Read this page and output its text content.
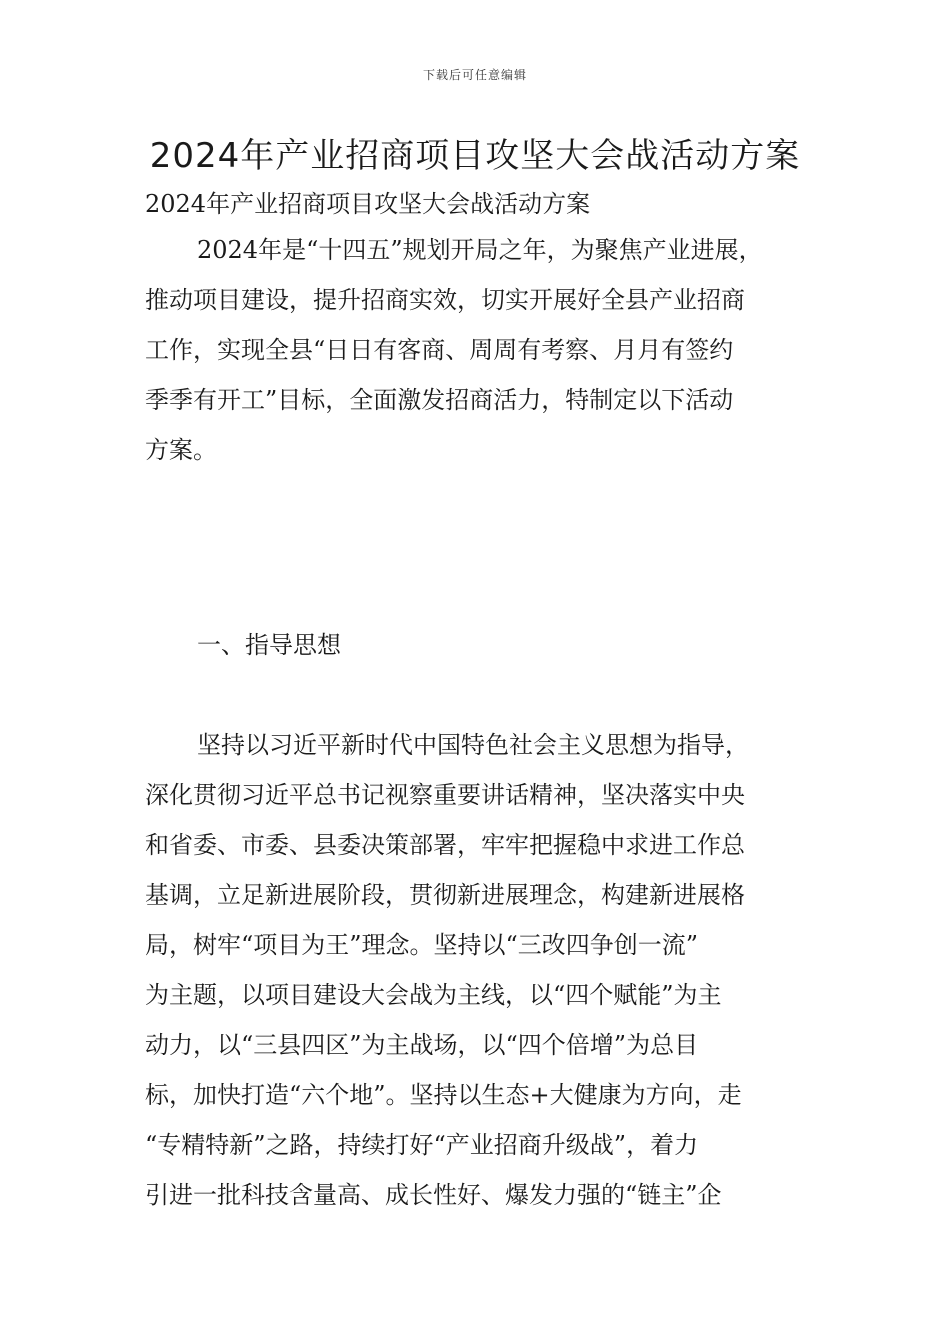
下载后可任意编辑
2024年产业招商项目攻坚大会战活动方案

2024年产业招商项目攻坚大会战活动方案

2024年是“十四五”规划开局之年，为聚焦产业进展，
推动项目建设，提升招商实效，切实开展好全县产业招商
工作，实现全县“日日有客商、周周有考察、月月有签约
季季有开工”目标，全面激发招商活力，特制定以下活动
方案。
一、指导思想
坚持以习近平新时代中国特色社会主义思想为指导，
深化贯彻习近平总书记视察重要讲话精神，坚决落实中央
和省委、市委、县委决策部署，牢牢把握稳中求进工作总
基调，立足新进展阶段，贯彻新进展理念，构建新进展格
局，树牢“项目为王”理念。坚持以“三改四争创一流”
为主题，以项目建设大会战为主线，以“四个赋能”为主
动力，以“三县四区”为主战场，以“四个倍增”为总目
标，加快打造“六个地”。坚持以生态+大健康为方向，走
“专精特新”之路，持续打好“产业招商升级战”，着力
引进一批科技含量高、成长性好、爆发力强的“链主”企
